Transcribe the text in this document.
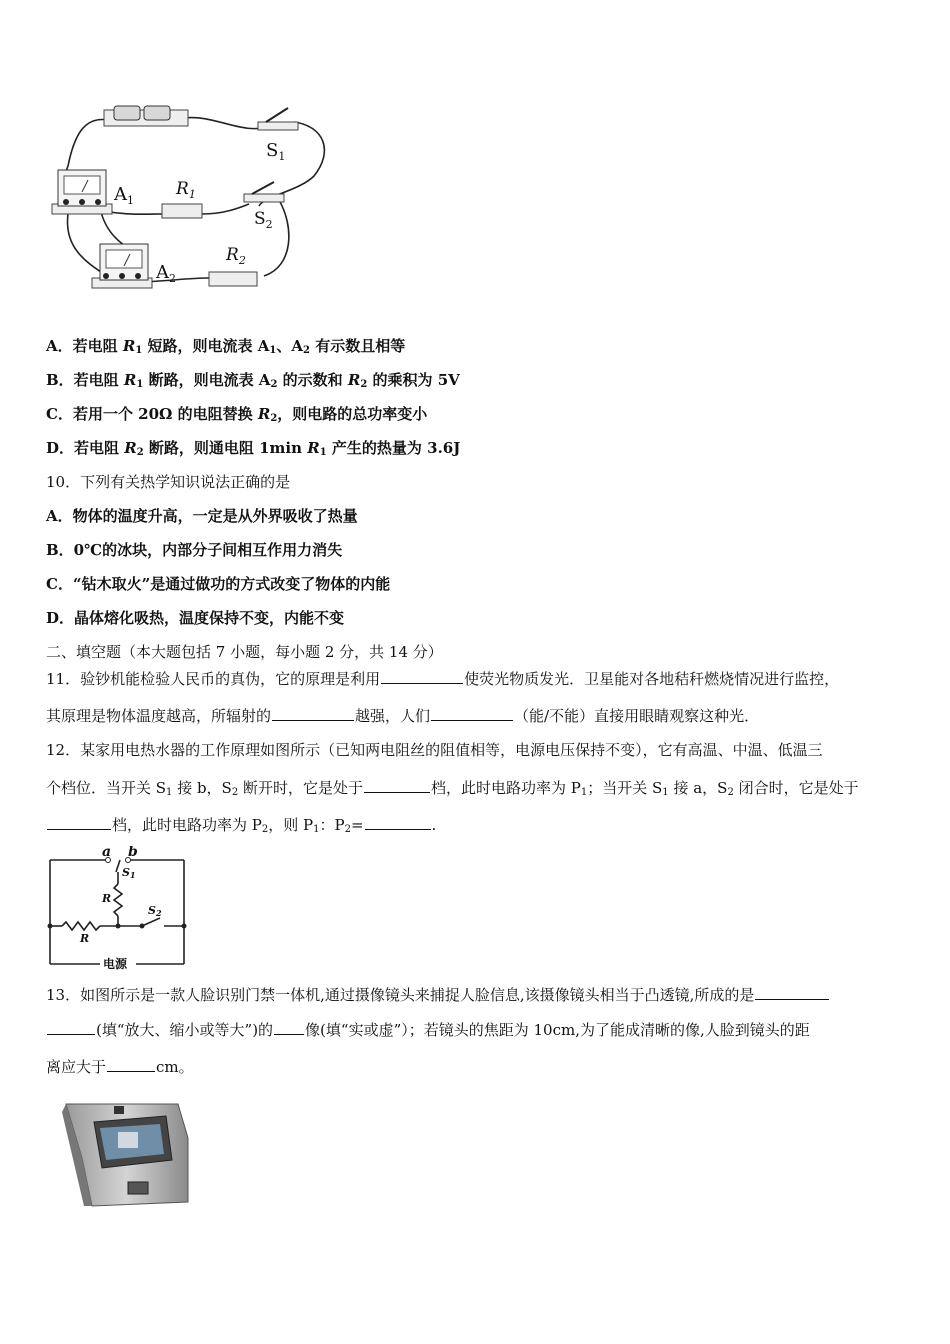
$S_1$
$A_1$
$R_1$
$S_2$
$A_2$
$R_2$
A．若电阻 $R_1$ 短路，则电流表 $A_1$、$A_2$ 有示数且相等
B．若电阻 $R_1$ 断路，则电流表 $A_2$ 的示数和 $R_2$ 的乘积为 5V
C．若用一个 20Ω 的电阻替换 $R_2$，则电路的总功率变小
D．若电阻 $R_2$ 断路，则通电阻 1min $R_1$ 产生的热量为 3.6J
10．下列有关热学知识说法正确的是
A．物体的温度升高，一定是从外界吸收了热量
B．0℃的冰块，内部分子间相互作用力消失
C．“钻木取火”是通过做功的方式改变了物体的内能
D．晶体熔化吸热，温度保持不变，内能不变
二、填空题（本大题包括 7 小题，每小题 2 分，共 14 分）
11．验钞机能检验人民币的真伪，它的原理是利用	使荧光物质发光．卫星能对各地秸秆燃烧情况进行监控，
其原理是物体温度越高，所辐射的	越强，人们	（能/不能）直接用眼睛观察这种光．
12．某家用电热水器的工作原理如图所示（已知两电阻丝的阻值相等，电源电压保持不变），它有高温、中温、低温三
个档位．当开关 $S_1$ 接 b，$S_2$ 断开时，它是处于	档，此时电路功率为 $P_1$；当开关 $S_1$ 接 a，$S_2$ 闭合时，它是处于
档，此时电路功率为 $P_2$，则 $P_1$：$P_2=$	.
a b
S1
R
S2
R
电源
13．如图所示是一款人脸识别门禁一体机,通过摄像镜头来捕捉人脸信息,该摄像镜头相当于凸透镜,所成的是
(填“放大、缩小或等大”)的 像(填“实或虚”）；若镜头的焦距为 10cm,为了能成清晰的像,人脸到镜头的距
离应大于	cm。
